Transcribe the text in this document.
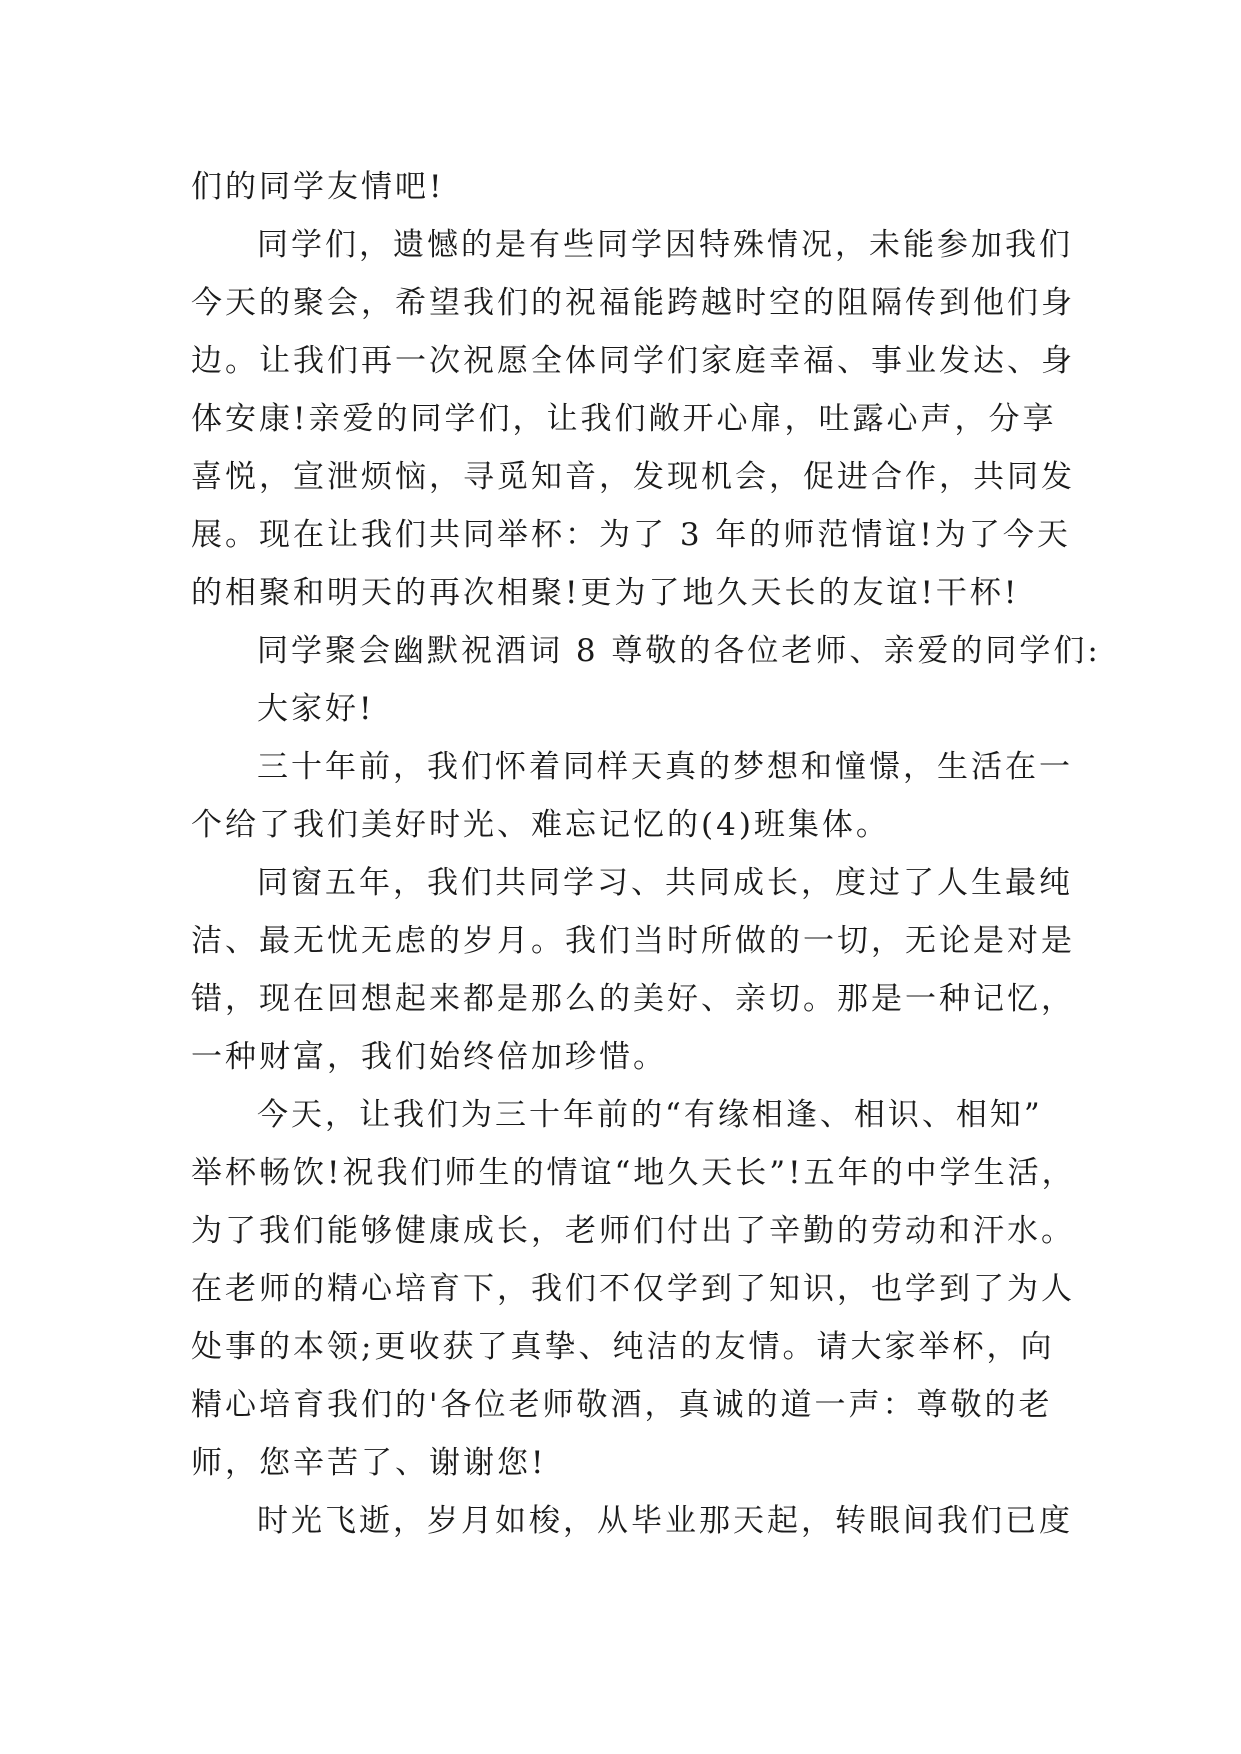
们的同学友情吧!

同学们，遗憾的是有些同学因特殊情况，未能参加我们
今天的聚会，希望我们的祝福能跨越时空的阻隔传到他们身
边。让我们再一次祝愿全体同学们家庭幸福、事业发达、身
体安康!亲爱的同学们，让我们敞开心扉，吐露心声，分享
喜悦，宣泄烦恼，寻觅知音，发现机会，促进合作，共同发
展。现在让我们共同举杯：为了 3 年的师范情谊!为了今天
的相聚和明天的再次相聚!更为了地久天长的友谊!干杯!

同学聚会幽默祝酒词 8 尊敬的各位老师、亲爱的同学们:

大家好!

三十年前，我们怀着同样天真的梦想和憧憬，生活在一
个给了我们美好时光、难忘记忆的(4)班集体。

同窗五年，我们共同学习、共同成长，度过了人生最纯
洁、最无忧无虑的岁月。我们当时所做的一切，无论是对是
错，现在回想起来都是那么的美好、亲切。那是一种记忆，
一种财富，我们始终倍加珍惜。

今天，让我们为三十年前的“有缘相逢、相识、相知”
举杯畅饮!祝我们师生的情谊“地久天长”!五年的中学生活，
为了我们能够健康成长，老师们付出了辛勤的劳动和汗水。
在老师的精心培育下，我们不仅学到了知识，也学到了为人
处事的本领;更收获了真挚、纯洁的友情。请大家举杯，向
精心培育我们的'各位老师敬酒，真诚的道一声：尊敬的老
师，您辛苦了、谢谢您!

时光飞逝，岁月如梭，从毕业那天起，转眼间我们已度
